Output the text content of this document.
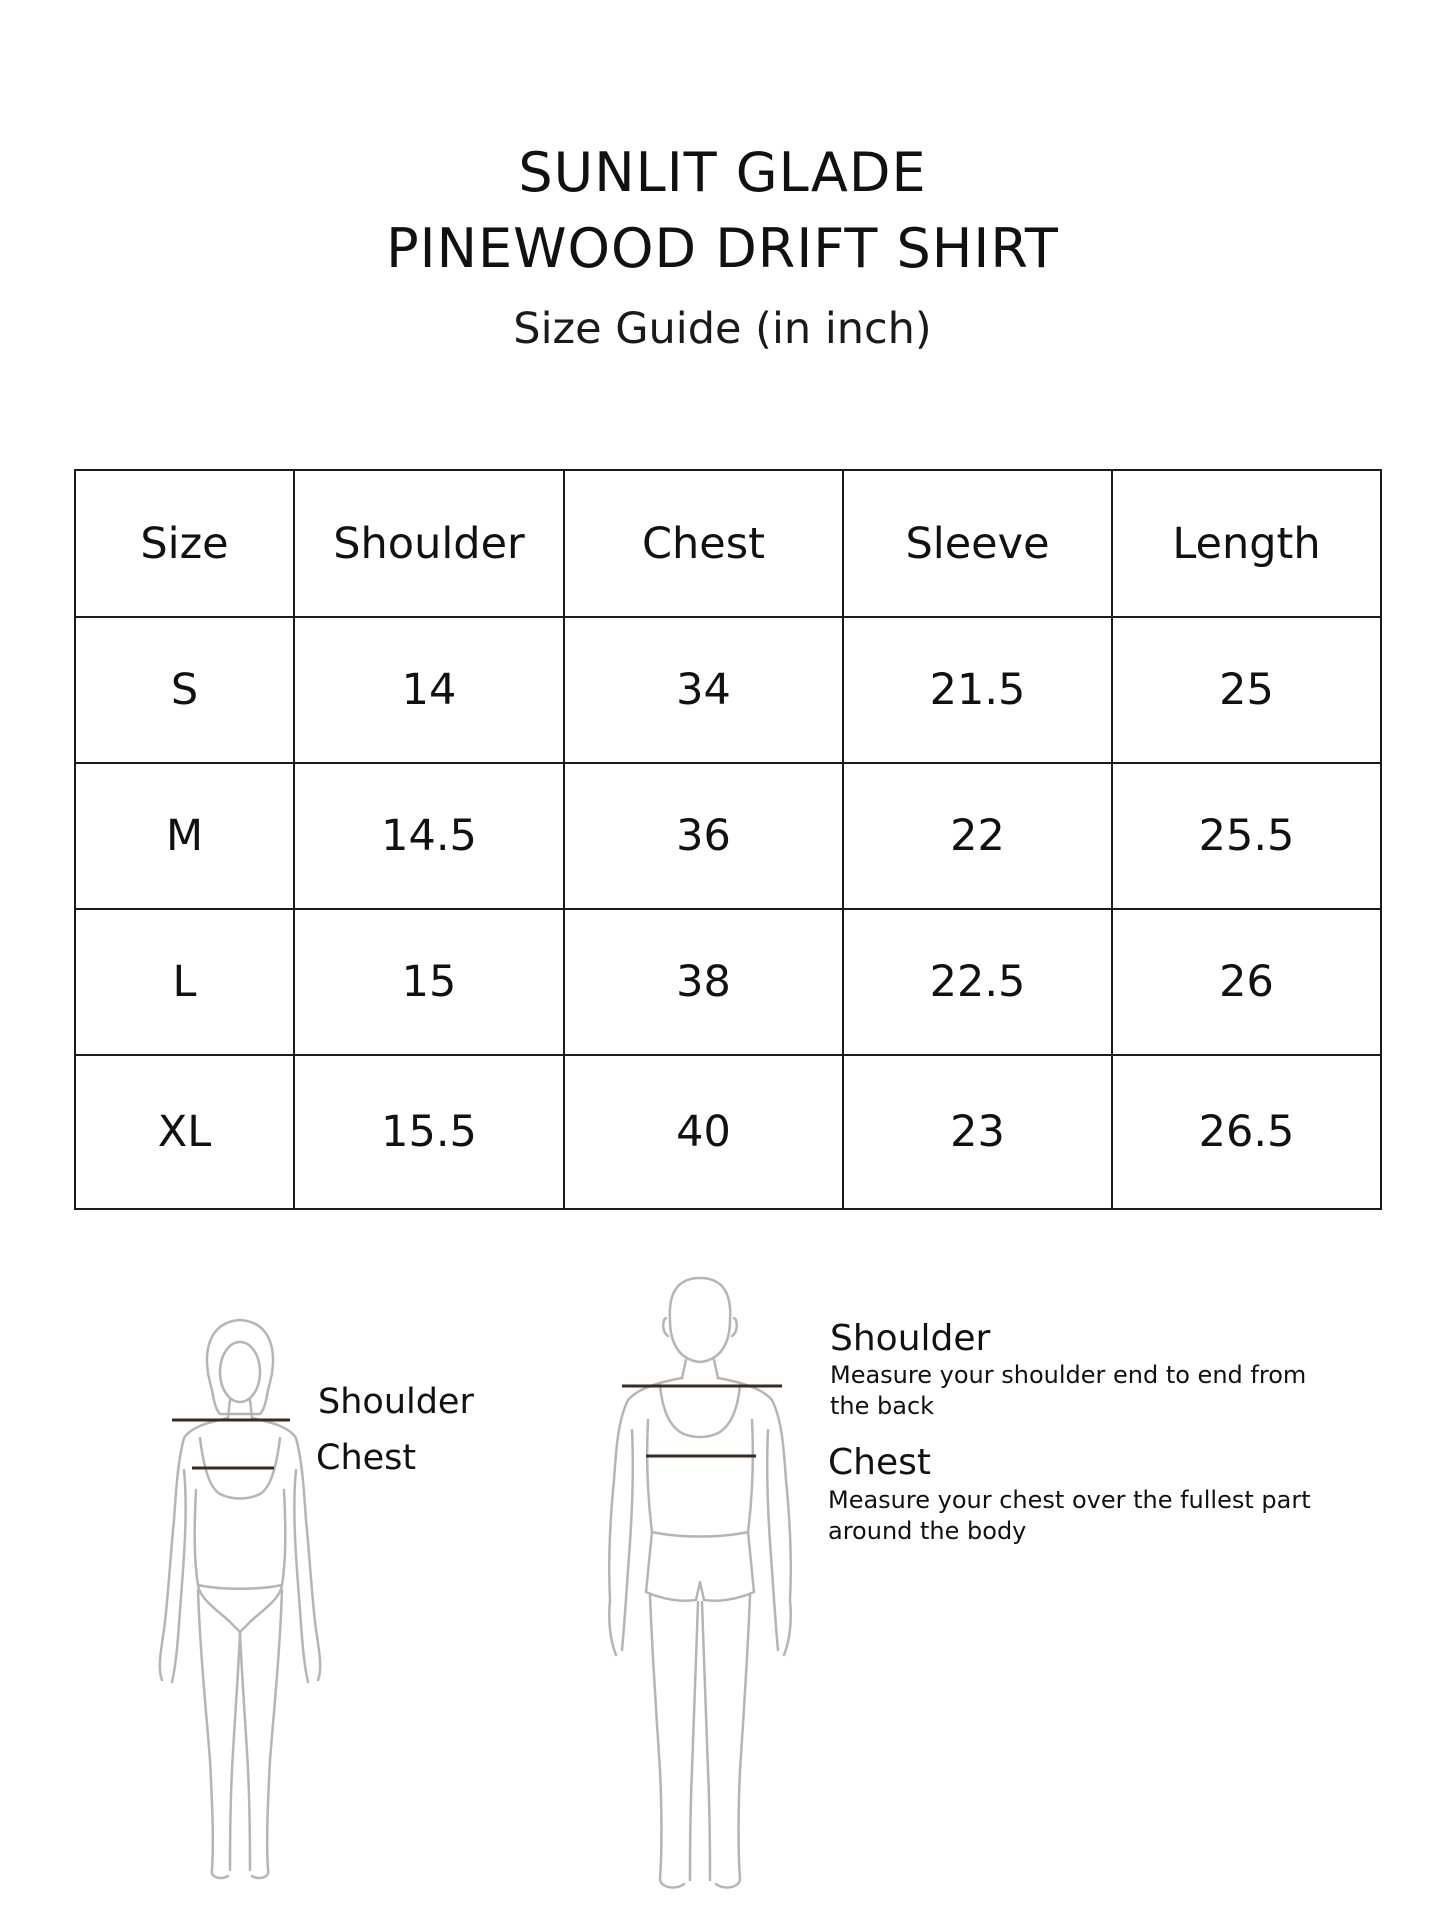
SUNLIT GLADE
PINEWOOD DRIFT SHIRT
Size Guide (in inch)
Size	Shoulder	Chest	Sleeve	Length
S	14	34	21.5	25
M	14.5	36	22	25.5
L	15	38	22.5	26
XL	15.5	40	23	26.5
Shoulder
Chest
Shoulder
Measure your shoulder end to end from the back
Chest
Measure your chest over the fullest part around the body
